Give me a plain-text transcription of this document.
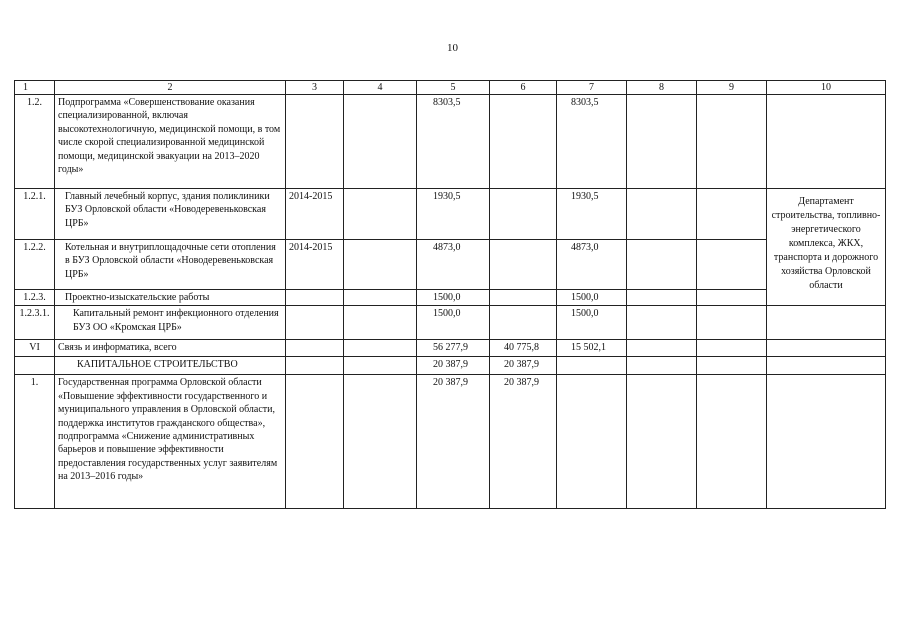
10
1	2	3	4	5	6	7	8	9	10
1.2.	Подпрограмма «Совершенствование оказания специализированной, включая высокотехнологичную, медицинской помощи, в том числе скорой специализированной медицинской помощи, медицинской эвакуации на 2013–2020 годы»			8303,5		8303,5			
1.2.1.	Главный лечебный корпус, здания поликлиники БУЗ Орловской области «Новодеревеньковская ЦРБ»	2014-2015		1930,5		1930,5			Департамент строительства, топливно-энергетического комплекса, ЖКХ, транспорта и дорожного хозяйства Орловской области
1.2.2.	Котельная и внутриплощадочные сети отопления в БУЗ Орловской области «Новодеревеньковская ЦРБ»	2014-2015		4873,0		4873,0			
1.2.3.	Проектно-изыскательские работы			1500,0		1500,0			
1.2.3.1.	Капитальный ремонт инфекционного отделения БУЗ ОО «Кромская ЦРБ»			1500,0		1500,0			
VI	Связь и информатика, всего			56 277,9	40 775,8	15 502,1			
	КАПИТАЛЬНОЕ СТРОИТЕЛЬСТВО			20 387,9	20 387,9				
1.	Государственная программа Орловской области «Повышение эффективности государственного и муниципального управления в Орловской области, поддержка институтов гражданского общества», подпрограмма «Снижение административных барьеров и повышение эффективности предоставления государственных услуг заявителям на 2013–2016 годы»			20 387,9	20 387,9				
